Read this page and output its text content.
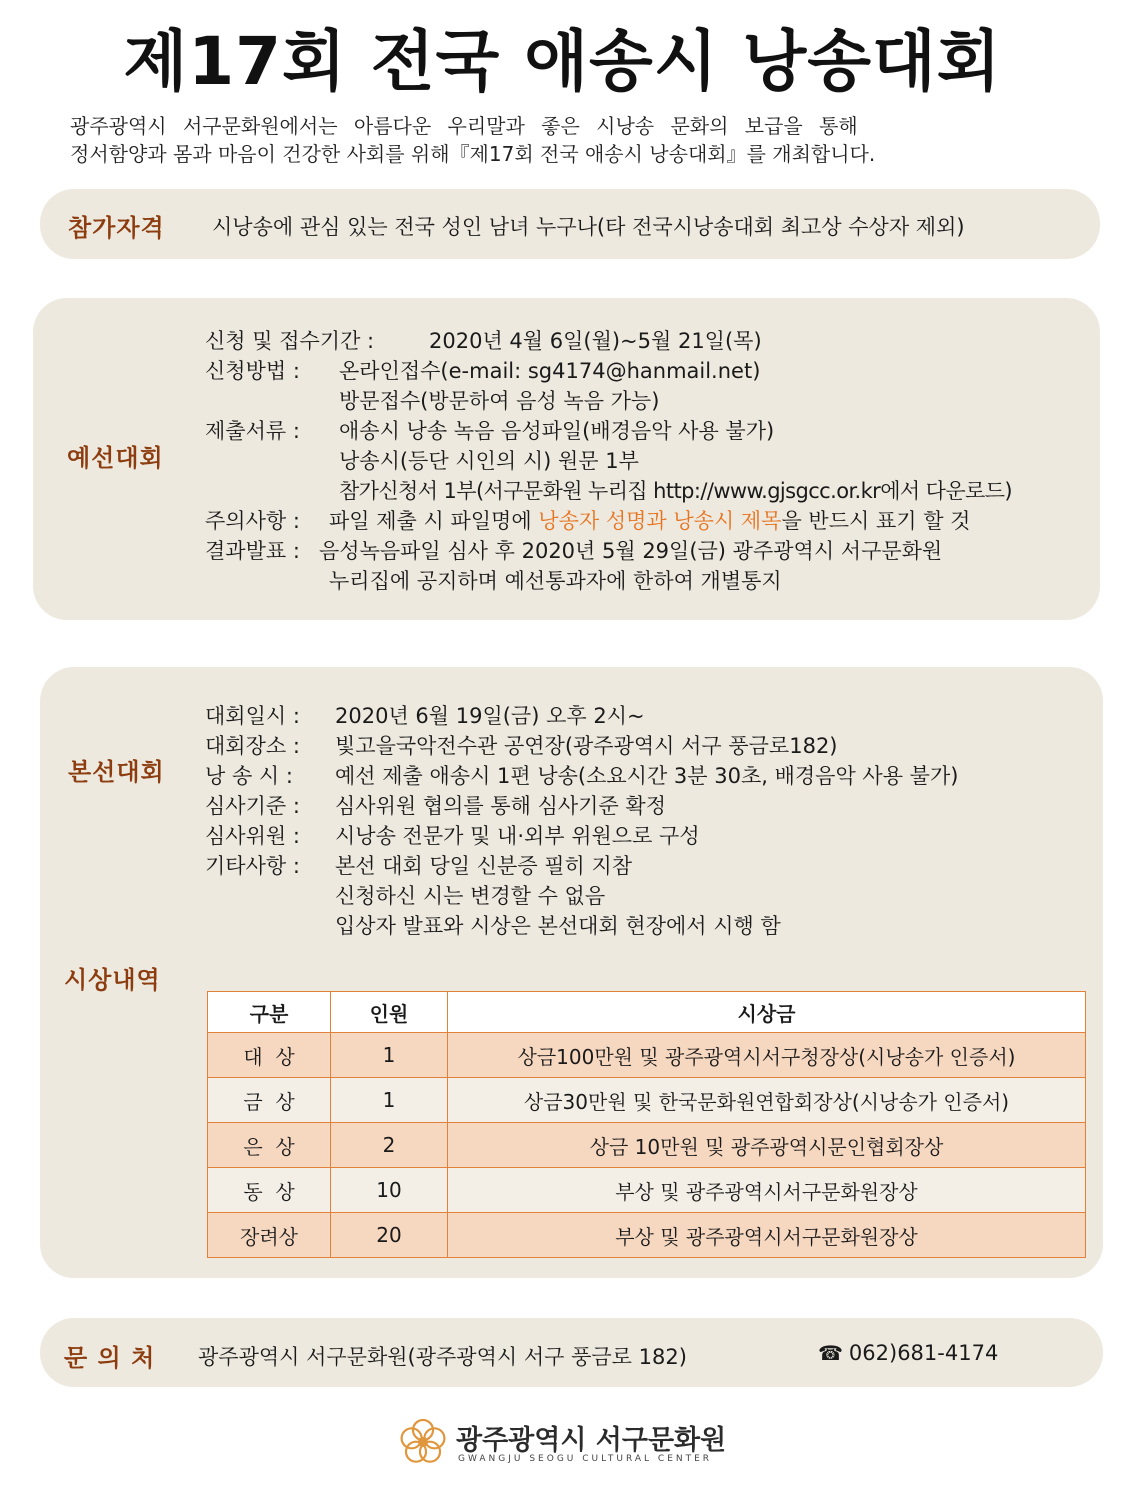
제17회 전국 애송시 낭송대회

광주광역시 서구문화원에서는 아름다운 우리말과 좋은 시낭송 문화의 보급을 통해

정서함양과 몸과 마음이 건강한 사회를 위해『제17회 전국 애송시 낭송대회』를 개최합니다.

참가자격 시낭송에 관심 있는 전국 성인 남녀 누구나(타 전국시낭송대회 최고상 수상자 제외)
예선대회
신청 및 접수기간 :	2020년 4월 6일(월)~5월 21일(목)
신청방법 :	온라인접수(e-mail: sg4174@hanmail.net)
방문접수(방문하여 음성 녹음 가능)
제출서류 :	애송시 낭송 녹음 음성파일(배경음악 사용 불가)
낭송시(등단 시인의 시) 원문 1부
참가신청서 1부(서구문화원 누리집 http://www.gjsgcc.or.kr에서 다운로드)
주의사항 :	파일 제출 시 파일명에 낭송자 성명과 낭송시 제목을 반드시 표기 할 것
결과발표 : 음성녹음파일 심사 후 2020년 5월 29일(금) 광주광역시 서구문화원
누리집에 공지하며 예선통과자에 한하여 개별통지
본선대회
대회일시 :	2020년 6월 19일(금) 오후 2시~
대회장소 :	빛고을국악전수관 공연장(광주광역시 서구 풍금로182)
낭 송 시 :	예선 제출 애송시 1편 낭송(소요시간 3분 30초, 배경음악 사용 불가)
심사기준 :	심사위원 협의를 통해 심사기준 확정
심사위원 :	시낭송 전문가 및 내·외부 위원으로 구성
기타사항 :	본선 대회 당일 신분증 필히 지참
신청하신 시는 변경할 수 없음
입상자 발표와 시상은 본선대회 현장에서 시행 함
시상내역
구분	인원	시상금
대  상	1	상금100만원 및 광주광역시서구청장상(시낭송가 인증서)
금  상	1	상금30만원 및 한국문화원연합회장상(시낭송가 인증서)
은  상	2	상금 10만원 및 광주광역시문인협회장상
동  상	10	부상 및 광주광역시서구문화원장상
장려상	20	부상 및 광주광역시서구문화원장상
문 의 처 광주광역시 서구문화원(광주광역시 서구 풍금로 182)	☎ 062)681-4174
광주광역시 서구문화원
GWANGJU SEOGU CULTURAL CENTER
